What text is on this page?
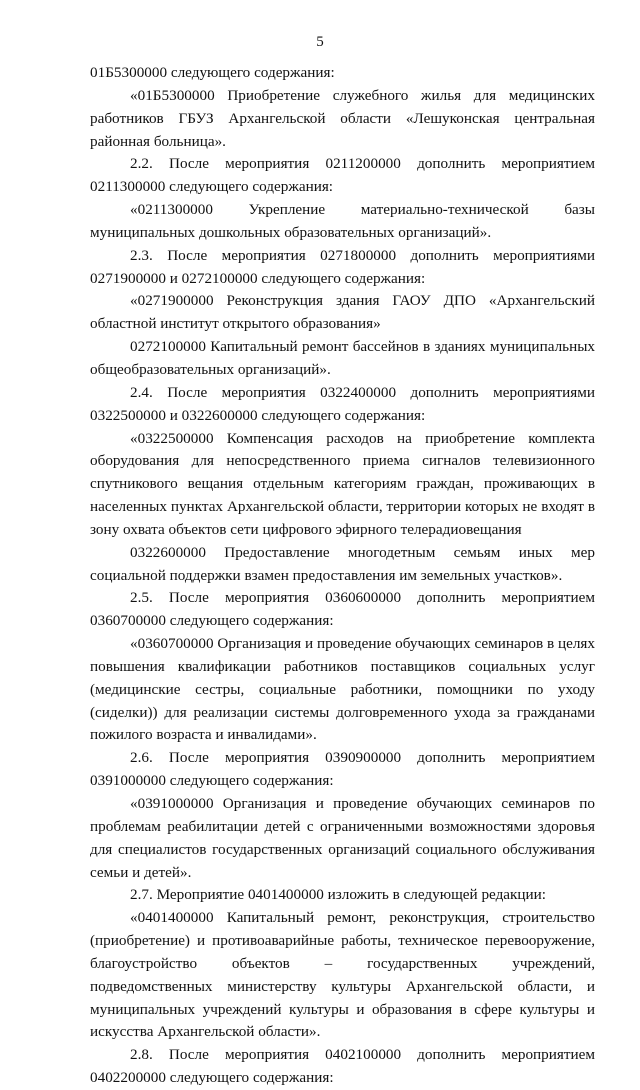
5

01Б5300000 следующего содержания:

«01Б5300000 Приобретение служебного жилья для медицинских работников ГБУЗ Архангельской области «Лешуконская центральная районная больница».

2.2. После мероприятия 0211200000 дополнить мероприятием 0211300000 следующего содержания:

«0211300000 Укрепление материально-технической базы муниципальных дошкольных образовательных организаций».

2.3. После мероприятия 0271800000 дополнить мероприятиями 0271900000 и 0272100000 следующего содержания:

«0271900000 Реконструкция здания ГАОУ ДПО «Архангельский областной институт открытого образования»

0272100000 Капитальный ремонт бассейнов в зданиях муниципальных общеобразовательных организаций».

2.4. После мероприятия 0322400000 дополнить мероприятиями 0322500000 и 0322600000 следующего содержания:

«0322500000 Компенсация расходов на приобретение комплекта оборудования для непосредственного приема сигналов телевизионного спутникового вещания отдельным категориям граждан, проживающих в населенных пунктах Архангельской области, территории которых не входят в зону охвата объектов сети цифрового эфирного телерадиовещания

0322600000 Предоставление многодетным семьям иных мер социальной поддержки взамен предоставления им земельных участков».

2.5. После мероприятия 0360600000 дополнить мероприятием 0360700000 следующего содержания:

«0360700000 Организация и проведение обучающих семинаров в целях повышения квалификации работников поставщиков социальных услуг (медицинские сестры, социальные работники, помощники по уходу (сиделки)) для реализации системы долговременного ухода за гражданами пожилого возраста и инвалидами».

2.6. После мероприятия 0390900000 дополнить мероприятием 0391000000 следующего содержания:

«0391000000 Организация и проведение обучающих семинаров по проблемам реабилитации детей с ограниченными возможностями здоровья для специалистов государственных организаций социального обслуживания семьи и детей».

2.7. Мероприятие 0401400000 изложить в следующей редакции:

«0401400000 Капитальный ремонт, реконструкция, строительство (приобретение) и противоаварийные работы, техническое перевооружение, благоустройство объектов – государственных учреждений, подведомственных министерству культуры Архангельской области, и муниципальных учреждений культуры и образования в сфере культуры и искусства Архангельской области».

2.8. После мероприятия 0402100000 дополнить мероприятием 0402200000 следующего содержания:
